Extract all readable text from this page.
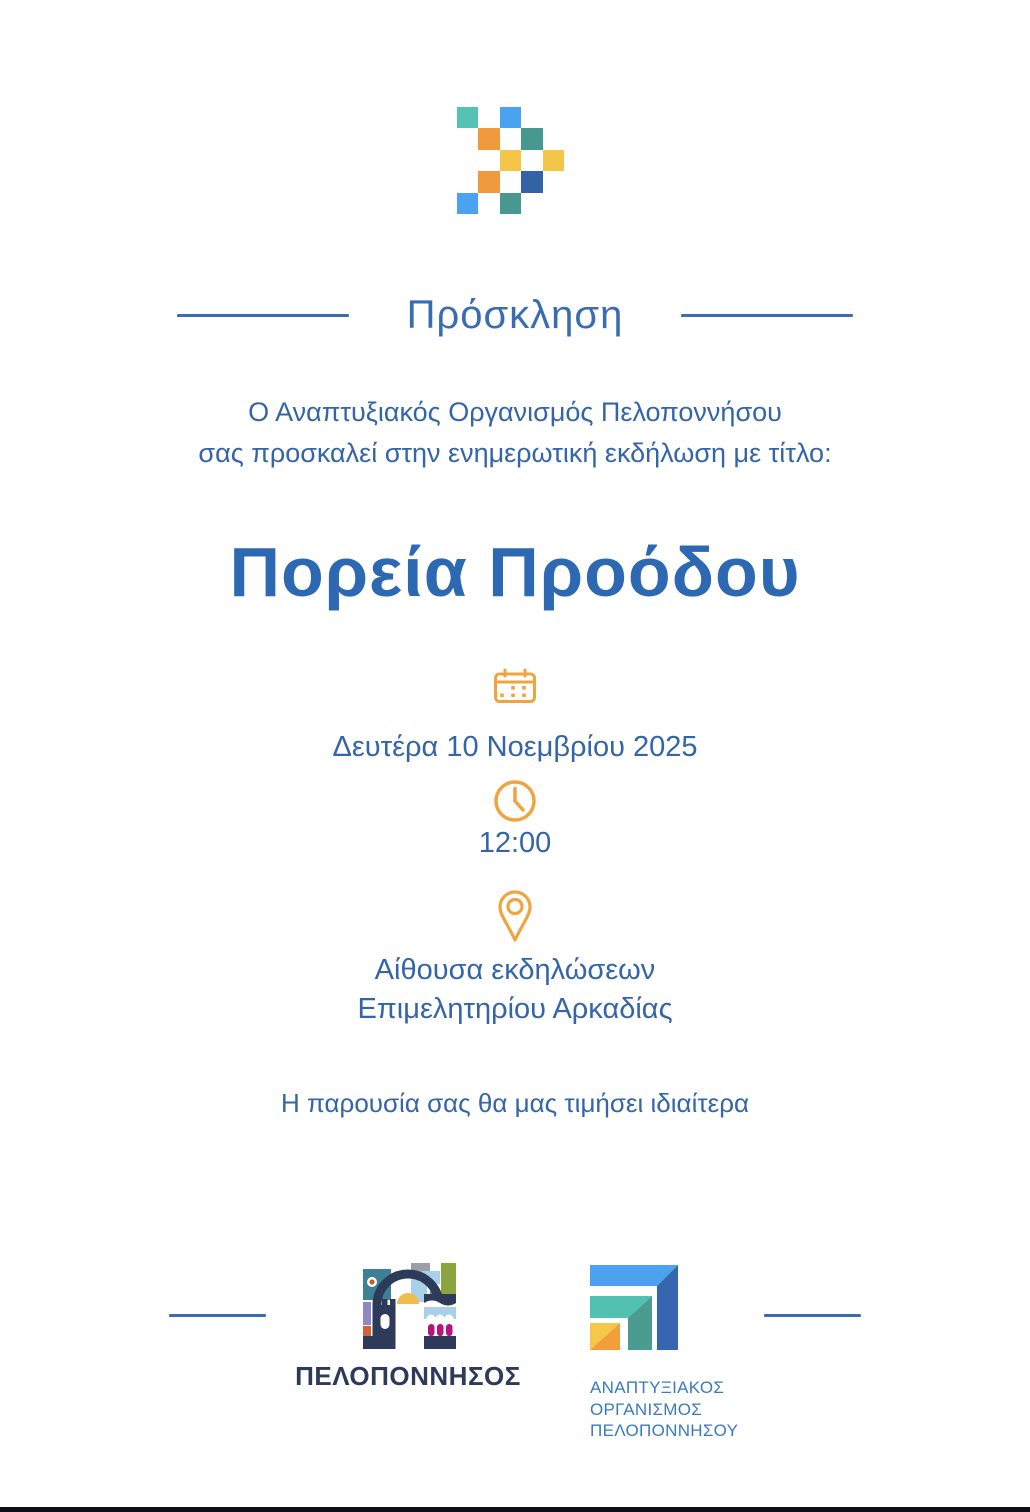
Πρόσκληση
Ο Αναπτυξιακός Οργανισμός Πελοποννήσου
σας προσκαλεί στην ενημερωτική εκδήλωση με τίτλο:
Πορεία Προόδου
Δευτέρα 10 Νοεμβρίου 2025
12:00
Αίθουσα εκδηλώσεων
Επιμελητηρίου Αρκαδίας
Η παρουσία σας θα μας τιμήσει ιδιαίτερα
ΠΕΛΟΠΟΝΝΗΣΟΣ	ΑΝΑΠΤΥΞΙΑΚΟΣ
ΟΡΓΑΝΙΣΜΟΣ
ΠΕΛΟΠΟΝΝΗΣΟΥ
